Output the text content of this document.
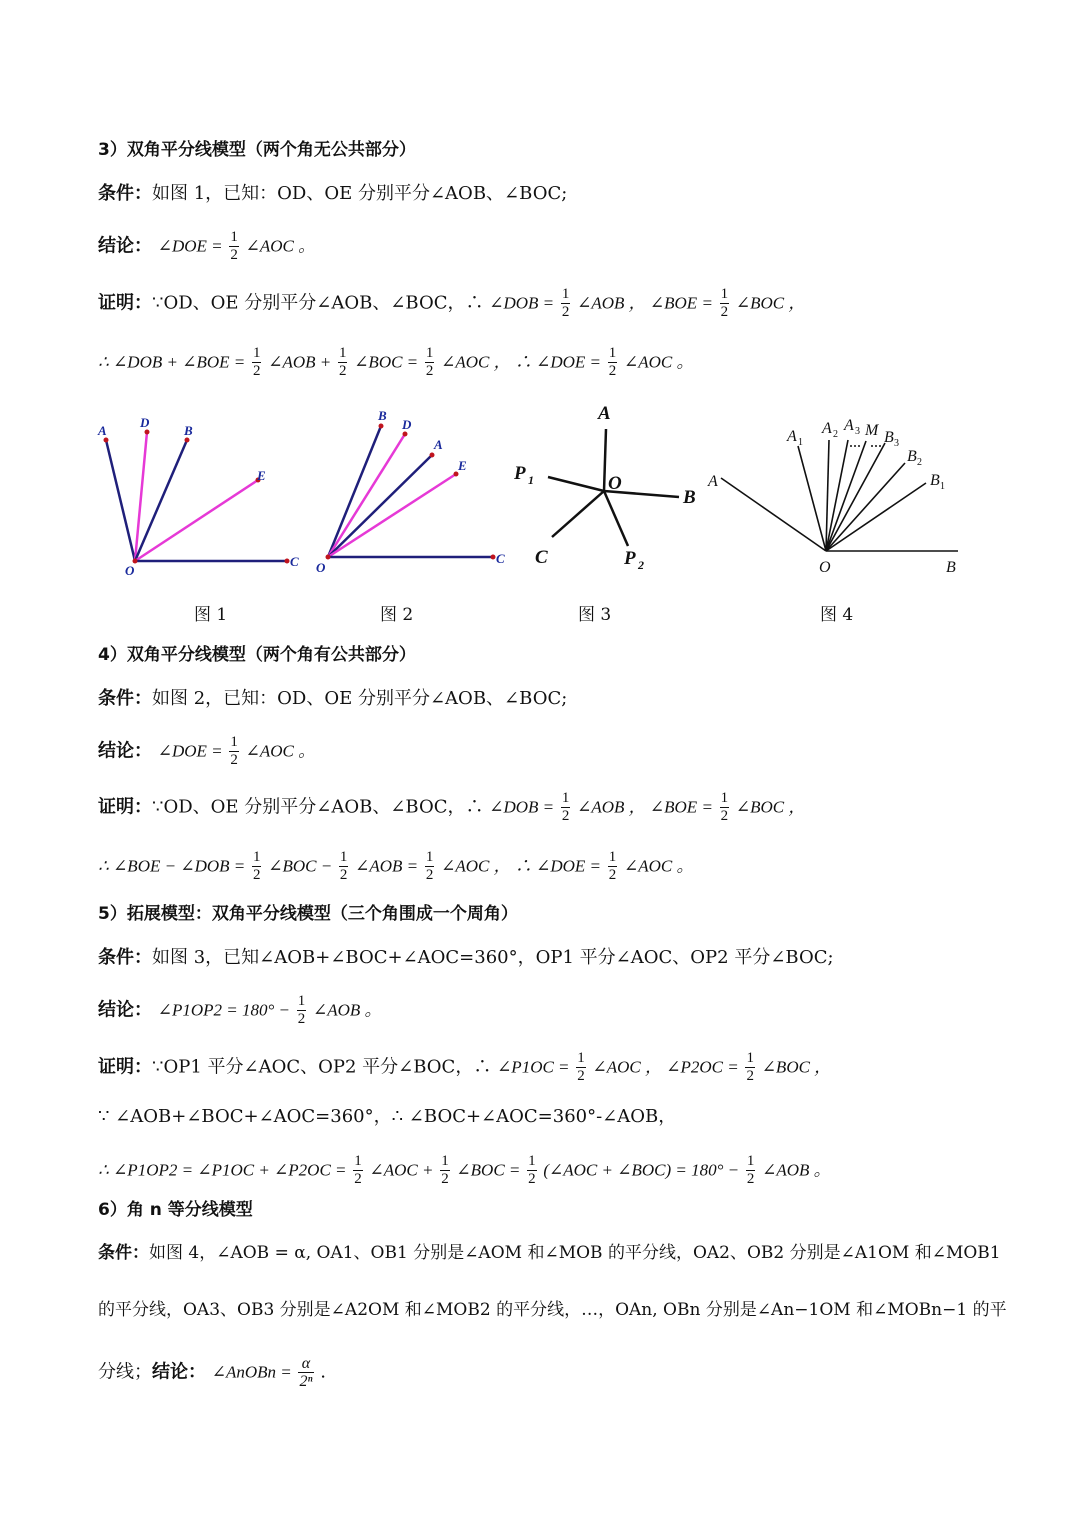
3）双角平分线模型（两个角无公共部分）
条件：如图 1，已知：OD、OE 分别平分∠AOB、∠BOC;
结论： ∠DOE = $\frac{1}{2}$ ∠AOC 。
证明：∵OD、OE 分别平分∠AOB、∠BOC，∴ ∠DOB = $\frac{1}{2}$ ∠AOB ， ∠BOE = $\frac{1}{2}$ ∠BOC ，
∴ ∠DOB + ∠BOE = $\frac{1}{2}$ ∠AOB + $\frac{1}{2}$ ∠BOC = $\frac{1}{2}$ ∠AOC ， ∴ ∠DOE = $\frac{1}{2}$ ∠AOC 。
A
D
B
E
O
C
B
D
A
E
O
C
A
P 1	O
B
C	P 2
A
A 1
A 2
A 3 M B 3
B 2
B 1
O	B
图 1	图 2	图 3	图 4
4）双角平分线模型（两个角有公共部分）
条件：如图 2，已知：OD、OE 分别平分∠AOB、∠BOC;
结论： ∠DOE = $\frac{1}{2}$ ∠AOC 。
证明：∵OD、OE 分别平分∠AOB、∠BOC，∴ ∠DOB = $\frac{1}{2}$ ∠AOB ， ∠BOE = $\frac{1}{2}$ ∠BOC ，
∴ ∠BOE − ∠DOB = $\frac{1}{2}$ ∠BOC − $\frac{1}{2}$ ∠AOB = $\frac{1}{2}$ ∠AOC ， ∴ ∠DOE = $\frac{1}{2}$ ∠AOC 。
5）拓展模型：双角平分线模型（三个角围成一个周角）
条件：如图 3，已知∠AOB+∠BOC+∠AOC=360°，OP1 平分∠AOC、OP2 平分∠BOC;
结论： ∠P1OP2 = $180^\circ - \frac{1}{2}$ ∠AOB 。
证明：∵OP1 平分∠AOC、OP2 平分∠BOC，∴ ∠P1OC = $\frac{1}{2}$ ∠AOC ， ∠P2OC = $\frac{1}{2}$ ∠BOC ，
∵ ∠AOB+∠BOC+∠AOC=360°，∴ ∠BOC+∠AOC=360°-∠AOB，
∴ ∠P1OP2 = ∠P1OC + ∠P2OC = $\frac{1}{2}$ ∠AOC + $\frac{1}{2}$ ∠BOC = $\frac{1}{2}$ (∠AOC + ∠BOC) = $180^\circ - \frac{1}{2}$ ∠AOB 。
6）角 n 等分线模型
条件：如图 4，∠AOB = α, OA1、OB1 分别是∠AOM 和∠MOB 的平分线，OA2、OB2 分别是∠A1OM 和∠MOB1
的平分线，OA3、OB3 分别是∠A2OM 和∠MOB2 的平分线，…，OAn, OBn 分别是∠An−1OM 和∠MOBn−1 的平
分线；结论： ∠AnOBn = $\frac{\alpha}{\text{2ⁿ}}$ .
